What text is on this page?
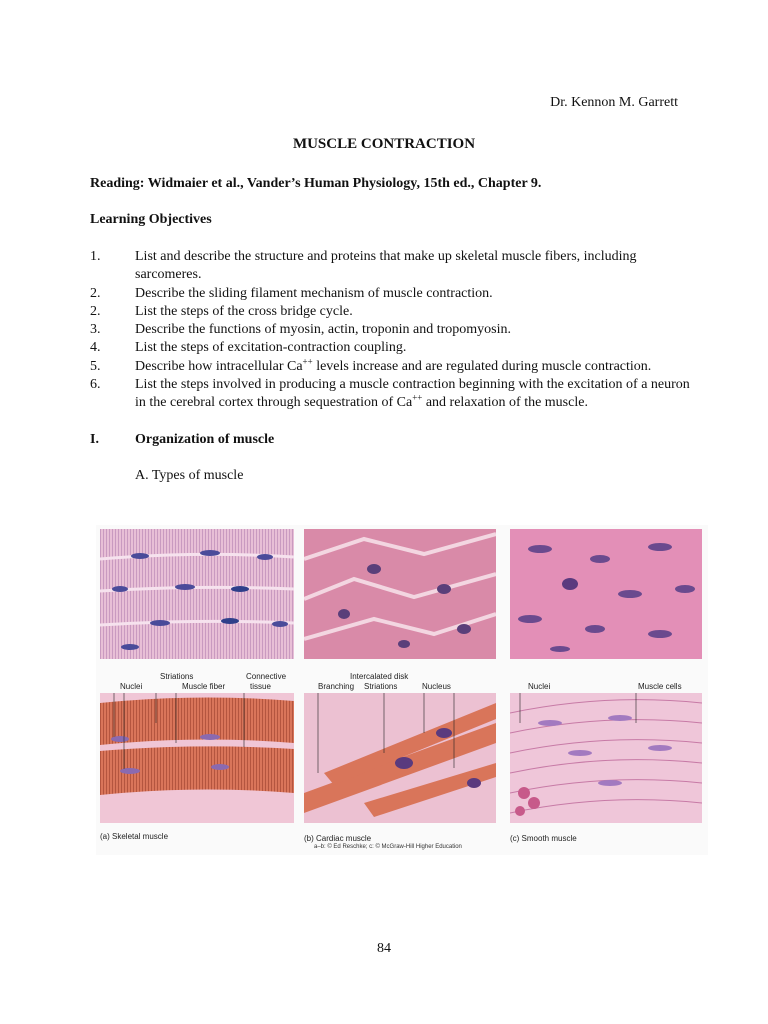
Dr. Kennon M. Garrett
MUSCLE CONTRACTION
Reading: Widmaier et al., Vander’s Human Physiology, 15th ed., Chapter 9.
Learning Objectives
1.	List and describe the structure and proteins that make up skeletal muscle fibers, including sarcomeres.
2.	Describe the sliding filament mechanism of muscle contraction.
2.	List the steps of the cross bridge cycle.
3.	Describe the functions of myosin, actin, troponin and tropomyosin.
4.	List the steps of excitation-contraction coupling.
5.	Describe how intracellular Ca++ levels increase and are regulated during muscle contraction.
6.	List the steps involved in producing a muscle contraction beginning with the excitation of a neuron in the cerebral cortex through sequestration of Ca++ and relaxation of the muscle.
I.	Organization of muscle
A. Types of muscle
Nuclei
Striations
Muscle fiber
Connective
tissue
Intercalated disk
Branching Striations	Nucleus	Nuclei	Muscle cells
(a) Skeletal muscle	(b) Cardiac muscle
a–b: © Ed Reschke; c: © McGraw-Hill Higher Education
(c) Smooth muscle
84
